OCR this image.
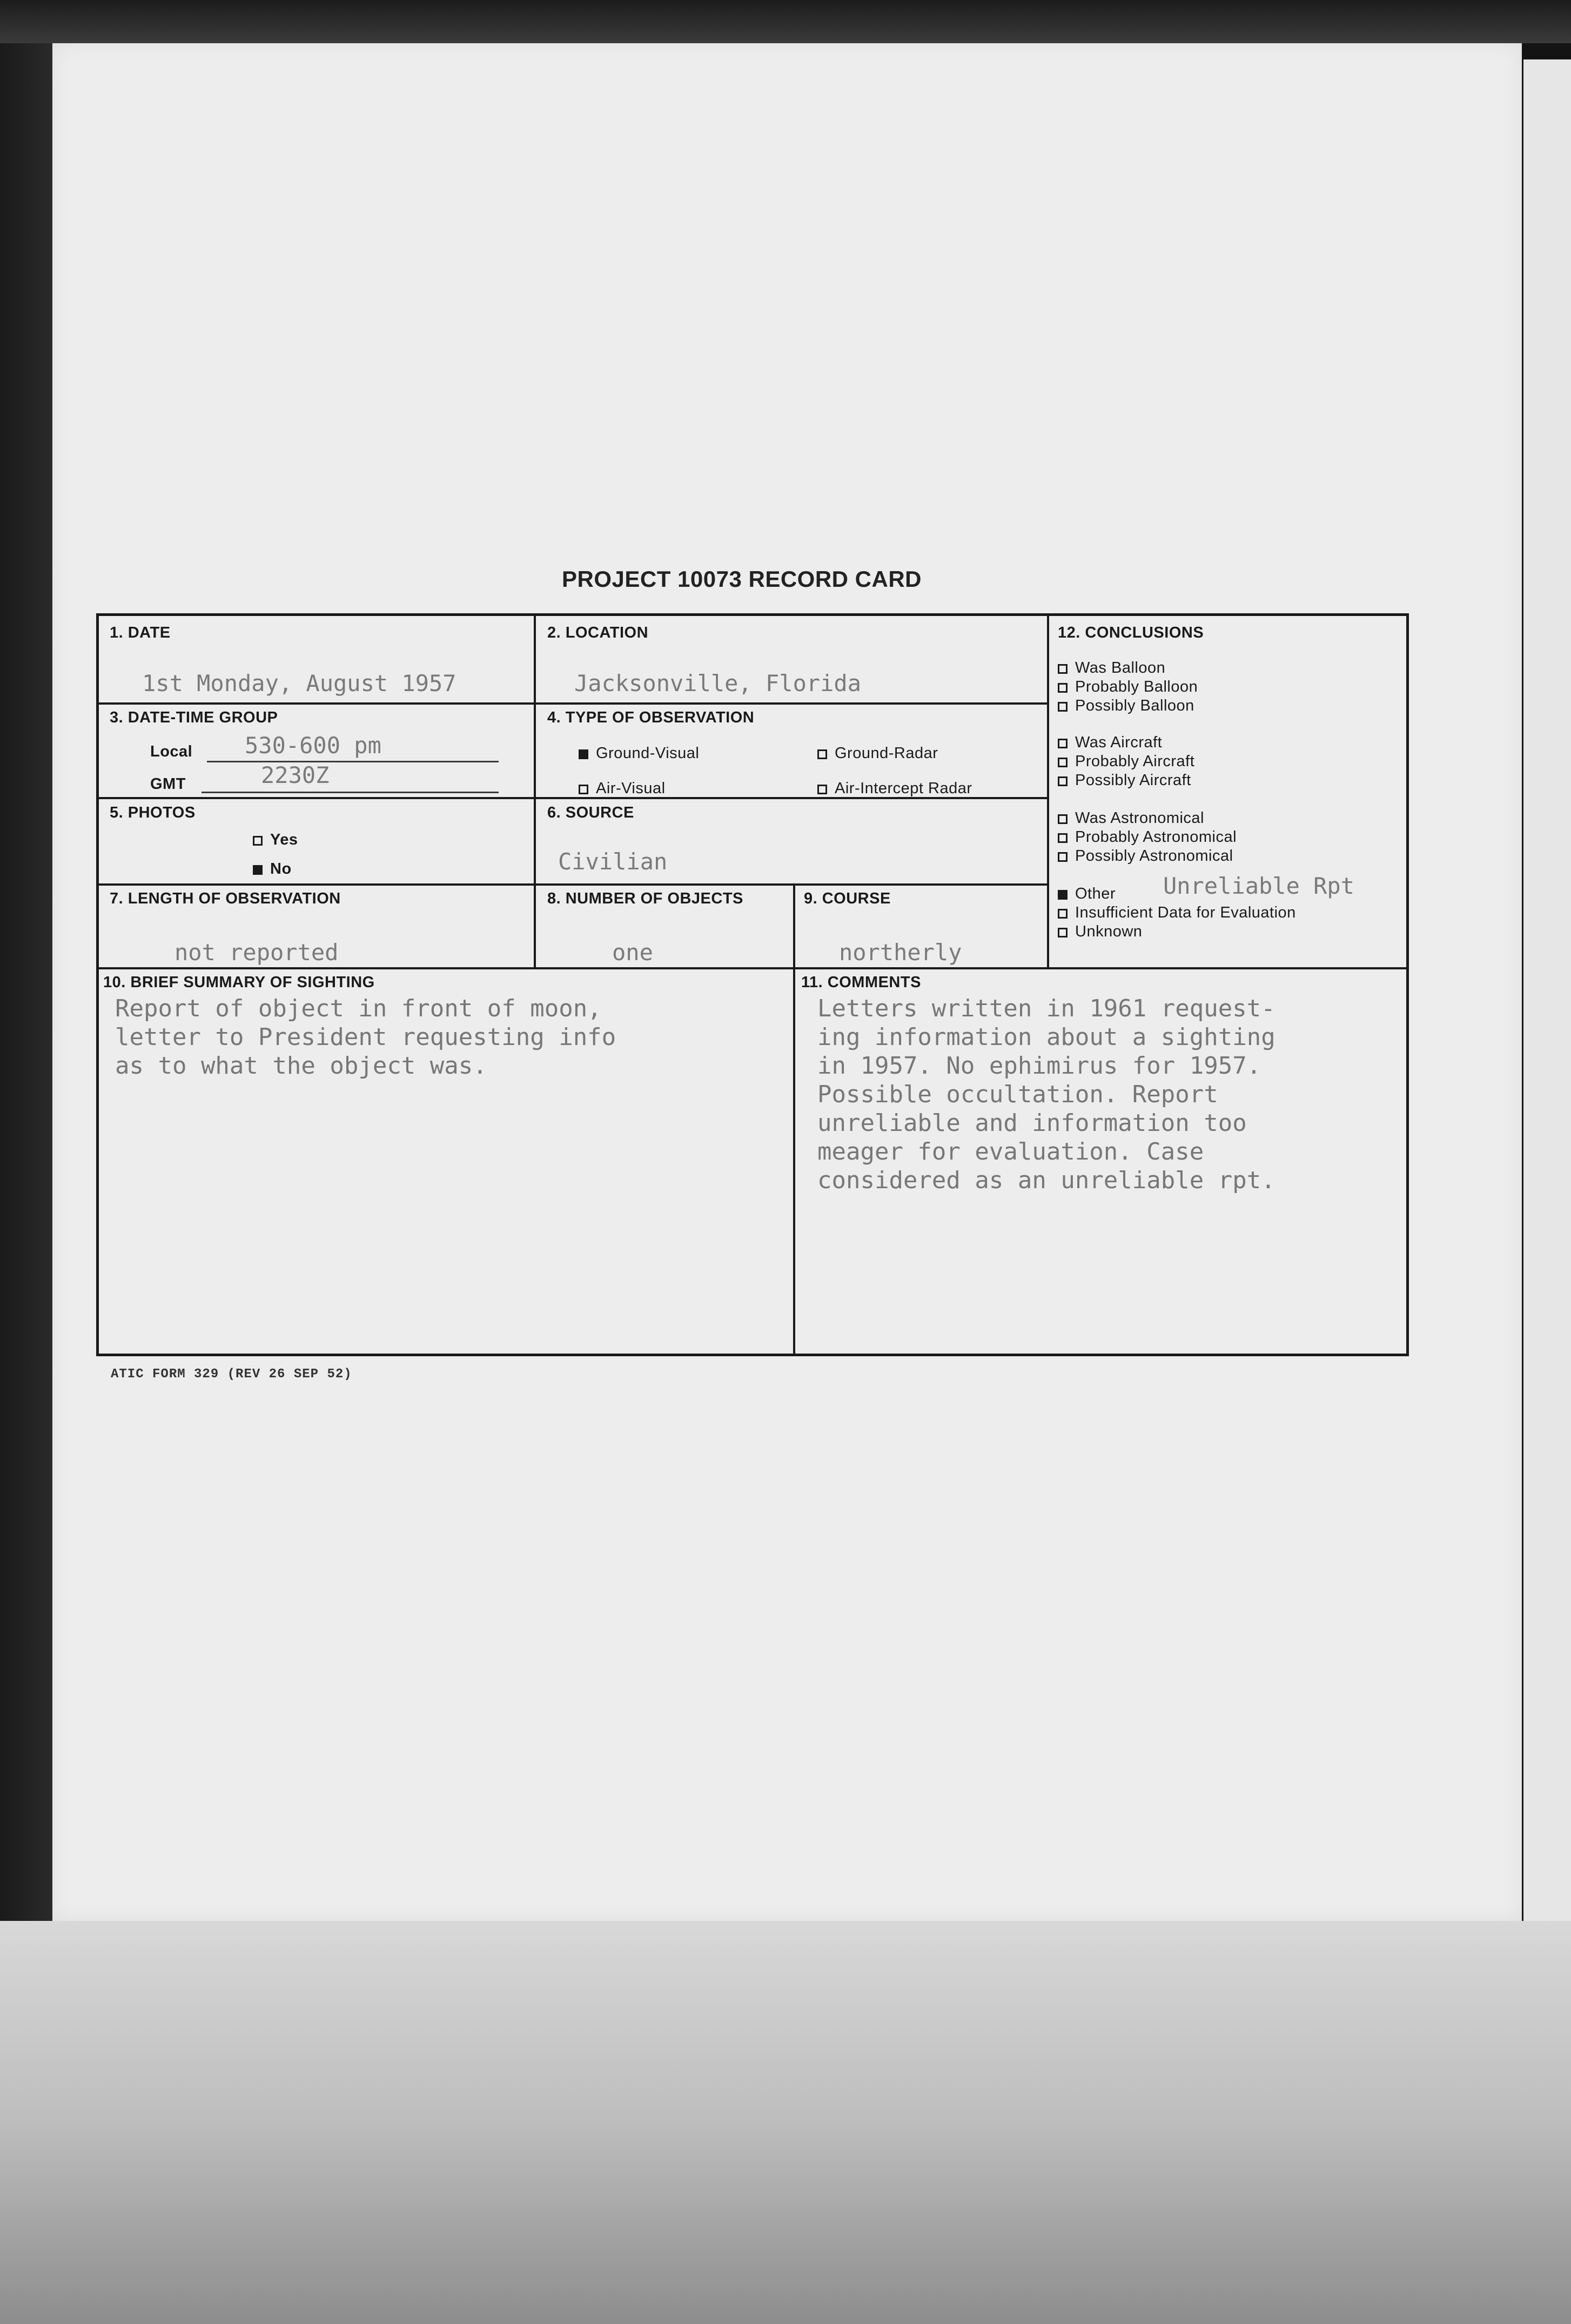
PROJECT 10073 RECORD CARD
1. DATE
1st Monday, August 1957
2. LOCATION
Jacksonville, Florida
3. DATE-TIME GROUP
Local 530-600 pm
GMT	2230Z
4. TYPE OF OBSERVATION
Ground-Visual	Ground-Radar
Air-Visual	Air-Intercept Radar
5. PHOTOS
Yes
No
6. SOURCE
Civilian
7. LENGTH OF OBSERVATION
not reported
8. NUMBER OF OBJECTS
one
9. COURSE
northerly
12. CONCLUSIONS
Was Balloon
Probably Balloon
Possibly Balloon
Was Aircraft
Probably Aircraft
Possibly Aircraft
Was Astronomical
Probably Astronomical
Possibly Astronomical
Other Unreliable Rpt
Insufficient Data for Evaluation
Unknown
10. BRIEF SUMMARY OF SIGHTING
Report of object in front of moon,
letter to President requesting info
as to what the object was.
11. COMMENTS
Letters written in 1961 request-
ing information about a sighting
in 1957. No ephimirus for 1957.
Possible occultation. Report
unreliable and information too
meager for evaluation. Case
considered as an unreliable rpt.
ATIC FORM 329 (REV 26 SEP 52)
